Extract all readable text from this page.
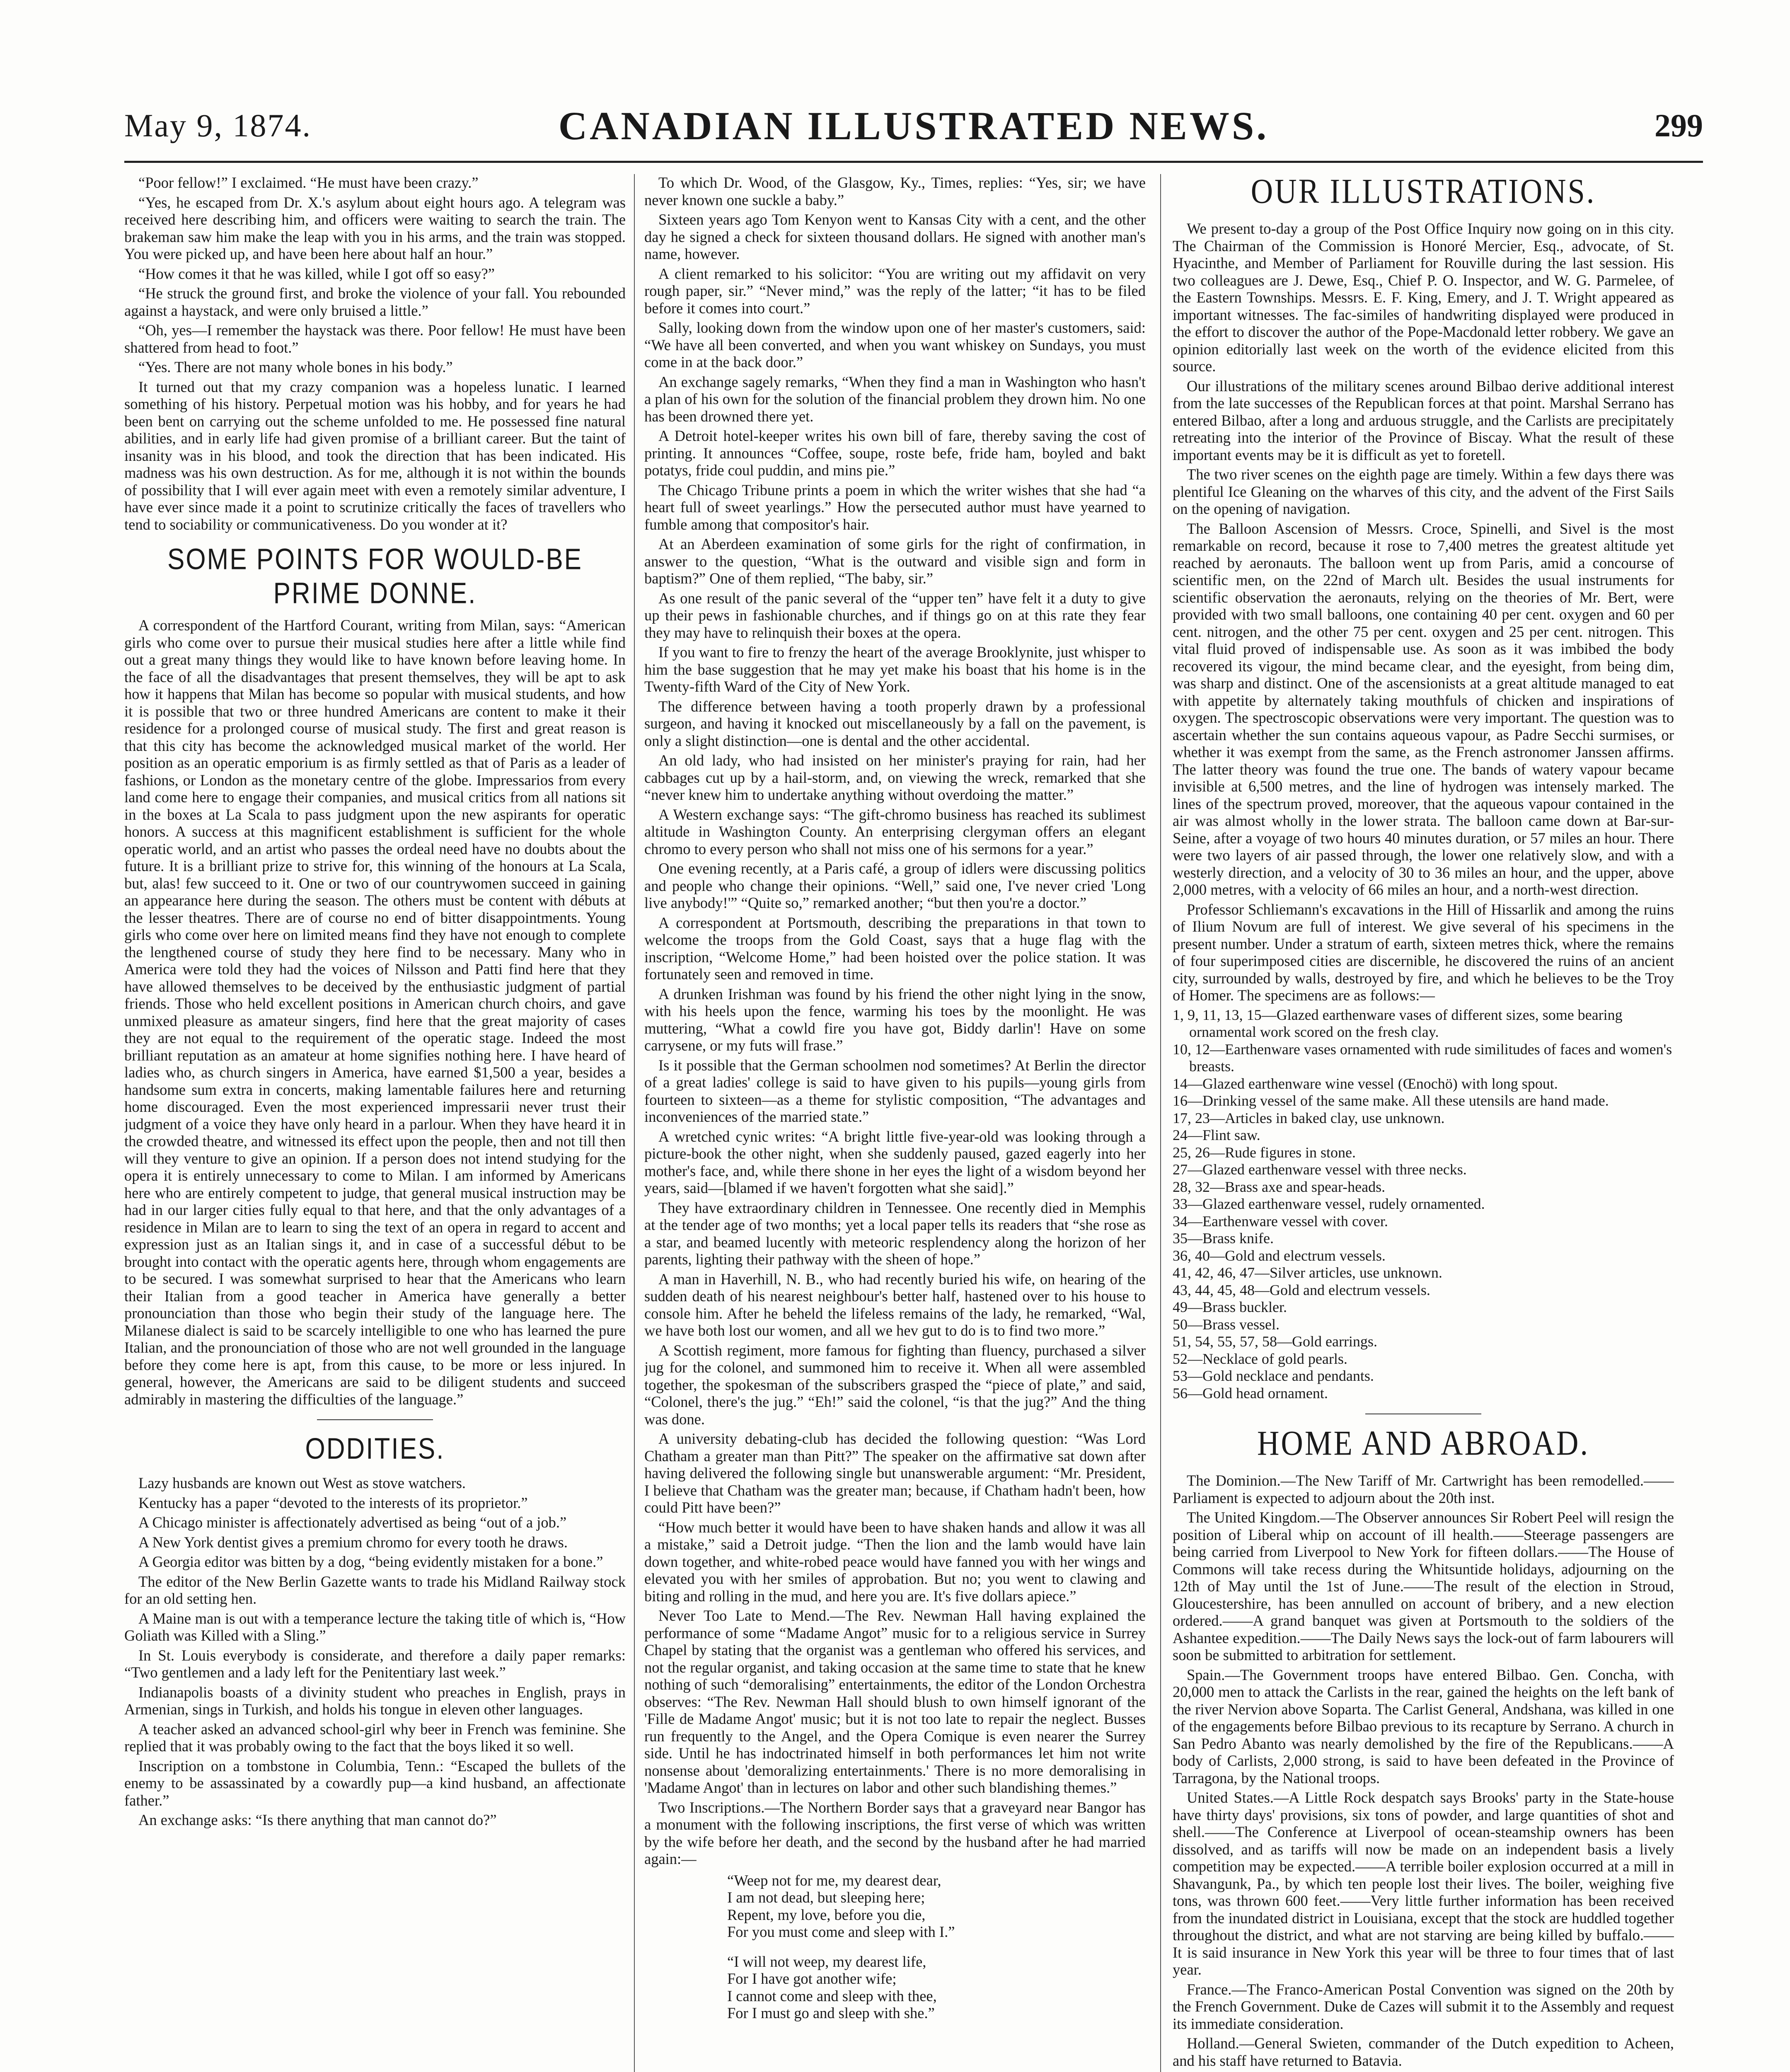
May 9, 1874.	CANADIAN ILLUSTRATED NEWS.	299

“Poor fellow!” I exclaimed. “He must have been crazy.”

“Yes, he escaped from Dr. X.'s asylum about eight hours ago. A telegram was received here describing him, and officers were waiting to search the train. The brakeman saw him make the leap with you in his arms, and the train was stopped. You were picked up, and have been here about half an hour.”

“How comes it that he was killed, while I got off so easy?”

“He struck the ground first, and broke the violence of your fall. You rebounded against a haystack, and were only bruised a little.”

“Oh, yes—I remember the haystack was there. Poor fellow! He must have been shattered from head to foot.”

“Yes. There are not many whole bones in his body.”

It turned out that my crazy companion was a hopeless lunatic. I learned something of his history. Perpetual motion was his hobby, and for years he had been bent on carrying out the scheme unfolded to me. He possessed fine natural abilities, and in early life had given promise of a brilliant career. But the taint of insanity was in his blood, and took the direction that has been indicated. His madness was his own destruction. As for me, although it is not within the bounds of possibility that I will ever again meet with even a remotely similar adventure, I have ever since made it a point to scrutinize critically the faces of travellers who tend to sociability or communicativeness. Do you wonder at it?

SOME POINTS FOR WOULD-BE PRIME DONNE.

A correspondent of the Hartford Courant, writing from Milan, says: “American girls who come over to pursue their musical studies here after a little while find out a great many things they would like to have known before leaving home. In the face of all the disadvantages that present themselves, they will be apt to ask how it happens that Milan has become so popular with musical students, and how it is possible that two or three hundred Americans are content to make it their residence for a prolonged course of musical study. The first and great reason is that this city has become the acknowledged musical market of the world. Her position as an operatic emporium is as firmly settled as that of Paris as a leader of fashions, or London as the monetary centre of the globe. Impressarios from every land come here to engage their companies, and musical critics from all nations sit in the boxes at La Scala to pass judgment upon the new aspirants for operatic honors. A success at this magnificent establishment is sufficient for the whole operatic world, and an artist who passes the ordeal need have no doubts about the future. It is a brilliant prize to strive for, this winning of the honours at La Scala, but, alas! few succeed to it. One or two of our countrywomen succeed in gaining an appearance here during the season. The others must be content with débuts at the lesser theatres. There are of course no end of bitter disappointments. Young girls who come over here on limited means find they have not enough to complete the lengthened course of study they here find to be necessary. Many who in America were told they had the voices of Nilsson and Patti find here that they have allowed themselves to be deceived by the enthusiastic judgment of partial friends. Those who held excellent positions in American church choirs, and gave unmixed pleasure as amateur singers, find here that the great majority of cases they are not equal to the requirement of the operatic stage. Indeed the most brilliant reputation as an amateur at home signifies nothing here. I have heard of ladies who, as church singers in America, have earned $1,500 a year, besides a handsome sum extra in concerts, making lamentable failures here and returning home discouraged. Even the most experienced impressarii never trust their judgment of a voice they have only heard in a parlour. When they have heard it in the crowded theatre, and witnessed its effect upon the people, then and not till then will they venture to give an opinion. If a person does not intend studying for the opera it is entirely unnecessary to come to Milan. I am informed by Americans here who are entirely competent to judge, that general musical instruction may be had in our larger cities fully equal to that here, and that the only advantages of a residence in Milan are to learn to sing the text of an opera in regard to accent and expression just as an Italian sings it, and in case of a successful début to be brought into contact with the operatic agents here, through whom engagements are to be secured. I was somewhat surprised to hear that the Americans who learn their Italian from a good teacher in America have generally a better pronounciation than those who begin their study of the language here. The Milanese dialect is said to be scarcely intelligible to one who has learned the pure Italian, and the pronounciation of those who are not well grounded in the language before they come here is apt, from this cause, to be more or less injured. In general, however, the Americans are said to be diligent students and succeed admirably in mastering the difficulties of the language.”

ODDITIES.

Lazy husbands are known out West as stove watchers.

Kentucky has a paper “devoted to the interests of its proprietor.”

A Chicago minister is affectionately advertised as being “out of a job.”

A New York dentist gives a premium chromo for every tooth he draws.

A Georgia editor was bitten by a dog, “being evidently mistaken for a bone.”

The editor of the New Berlin Gazette wants to trade his Midland Railway stock for an old setting hen.

A Maine man is out with a temperance lecture the taking title of which is, “How Goliath was Killed with a Sling.”

In St. Louis everybody is considerate, and therefore a daily paper remarks: “Two gentlemen and a lady left for the Penitentiary last week.”

Indianapolis boasts of a divinity student who preaches in English, prays in Armenian, sings in Turkish, and holds his tongue in eleven other languages.

A teacher asked an advanced school-girl why beer in French was feminine. She replied that it was probably owing to the fact that the boys liked it so well.

Inscription on a tombstone in Columbia, Tenn.: “Escaped the bullets of the enemy to be assassinated by a cowardly pup—a kind husband, an affectionate father.”

An exchange asks: “Is there anything that man cannot do?”

To which Dr. Wood, of the Glasgow, Ky., Times, replies: “Yes, sir; we have never known one suckle a baby.”

Sixteen years ago Tom Kenyon went to Kansas City with a cent, and the other day he signed a check for sixteen thousand dollars. He signed with another man's name, however.

A client remarked to his solicitor: “You are writing out my affidavit on very rough paper, sir.” “Never mind,” was the reply of the latter; “it has to be filed before it comes into court.”

Sally, looking down from the window upon one of her master's customers, said: “We have all been converted, and when you want whiskey on Sundays, you must come in at the back door.”

An exchange sagely remarks, “When they find a man in Washington who hasn't a plan of his own for the solution of the financial problem they drown him. No one has been drowned there yet.

A Detroit hotel-keeper writes his own bill of fare, thereby saving the cost of printing. It announces “Coffee, soupe, roste befe, fride ham, boyled and bakt potatys, fride coul puddin, and mins pie.”

The Chicago Tribune prints a poem in which the writer wishes that she had “a heart full of sweet yearlings.” How the persecuted author must have yearned to fumble among that compositor's hair.

At an Aberdeen examination of some girls for the right of confirmation, in answer to the question, “What is the outward and visible sign and form in baptism?” One of them replied, “The baby, sir.”

As one result of the panic several of the “upper ten” have felt it a duty to give up their pews in fashionable churches, and if things go on at this rate they fear they may have to relinquish their boxes at the opera.

If you want to fire to frenzy the heart of the average Brooklynite, just whisper to him the base suggestion that he may yet make his boast that his home is in the Twenty-fifth Ward of the City of New York.

The difference between having a tooth properly drawn by a professional surgeon, and having it knocked out miscellaneously by a fall on the pavement, is only a slight distinction—one is dental and the other accidental.

An old lady, who had insisted on her minister's praying for rain, had her cabbages cut up by a hail-storm, and, on viewing the wreck, remarked that she “never knew him to undertake anything without overdoing the matter.”

A Western exchange says: “The gift-chromo business has reached its sublimest altitude in Washington County. An enterprising clergyman offers an elegant chromo to every person who shall not miss one of his sermons for a year.”

One evening recently, at a Paris café, a group of idlers were discussing politics and people who change their opinions. “Well,” said one, I've never cried 'Long live anybody!'” “Quite so,” remarked another; “but then you're a doctor.”

A correspondent at Portsmouth, describing the preparations in that town to welcome the troops from the Gold Coast, says that a huge flag with the inscription, “Welcome Home,” had been hoisted over the police station. It was fortunately seen and removed in time.

A drunken Irishman was found by his friend the other night lying in the snow, with his heels upon the fence, warming his toes by the moonlight. He was muttering, “What a cowld fire you have got, Biddy darlin'! Have on some carrysene, or my futs will frase.”

Is it possible that the German schoolmen nod sometimes? At Berlin the director of a great ladies' college is said to have given to his pupils—young girls from fourteen to sixteen—as a theme for stylistic composition, “The advantages and inconveniences of the married state.”

A wretched cynic writes: “A bright little five-year-old was looking through a picture-book the other night, when she suddenly paused, gazed eagerly into her mother's face, and, while there shone in her eyes the light of a wisdom beyond her years, said—[blamed if we haven't forgotten what she said].”

They have extraordinary children in Tennessee. One recently died in Memphis at the tender age of two months; yet a local paper tells its readers that “she rose as a star, and beamed lucently with meteoric resplendency along the horizon of her parents, lighting their pathway with the sheen of hope.”

A man in Haverhill, N. B., who had recently buried his wife, on hearing of the sudden death of his nearest neighbour's better half, hastened over to his house to console him. After he beheld the lifeless remains of the lady, he remarked, “Wal, we have both lost our women, and all we hev gut to do is to find two more.”

A Scottish regiment, more famous for fighting than fluency, purchased a silver jug for the colonel, and summoned him to receive it. When all were assembled together, the spokesman of the subscribers grasped the “piece of plate,” and said, “Colonel, there's the jug.” “Eh!” said the colonel, “is that the jug?” And the thing was done.

A university debating-club has decided the following question: “Was Lord Chatham a greater man than Pitt?” The speaker on the affirmative sat down after having delivered the following single but unanswerable argument: “Mr. President, I believe that Chatham was the greater man; because, if Chatham hadn't been, how could Pitt have been?”

“How much better it would have been to have shaken hands and allow it was all a mistake,” said a Detroit judge. “Then the lion and the lamb would have lain down together, and white-robed peace would have fanned you with her wings and elevated you with her smiles of approbation. But no; you went to clawing and biting and rolling in the mud, and here you are. It's five dollars apiece.”

Never Too Late to Mend.—The Rev. Newman Hall having explained the performance of some “Madame Angot” music for to a religious service in Surrey Chapel by stating that the organist was a gentleman who offered his services, and not the regular organist, and taking occasion at the same time to state that he knew nothing of such “demoralising” entertainments, the editor of the London Orchestra observes: “The Rev. Newman Hall should blush to own himself ignorant of the 'Fille de Madame Angot' music; but it is not too late to repair the neglect. Busses run frequently to the Angel, and the Opera Comique is even nearer the Surrey side. Until he has indoctrinated himself in both performances let him not write nonsense about 'demoralizing entertainments.' There is no more demoralising in 'Madame Angot' than in lectures on labor and other such blandishing themes.”

Two Inscriptions.—The Northern Border says that a graveyard near Bangor has a monument with the following inscriptions, the first verse of which was written by the wife before her death, and the second by the husband after he had married again:—

“Weep not for me, my dearest dear,
I am not dead, but sleeping here;
Repent, my love, before you die,
For you must come and sleep with I.”
“I will not weep, my dearest life,
For I have got another wife;
I cannot come and sleep with thee,
For I must go and sleep with she.”
OUR ILLUSTRATIONS.

We present to-day a group of the Post Office Inquiry now going on in this city. The Chairman of the Commission is Honoré Mercier, Esq., advocate, of St. Hyacinthe, and Member of Parliament for Rouville during the last session. His two colleagues are J. Dewe, Esq., Chief P. O. Inspector, and W. G. Parmelee, of the Eastern Townships. Messrs. E. F. King, Emery, and J. T. Wright appeared as important witnesses. The fac-similes of handwriting displayed were produced in the effort to discover the author of the Pope-Macdonald letter robbery. We gave an opinion editorially last week on the worth of the evidence elicited from this source.

Our illustrations of the military scenes around Bilbao derive additional interest from the late successes of the Republican forces at that point. Marshal Serrano has entered Bilbao, after a long and arduous struggle, and the Carlists are precipitately retreating into the interior of the Province of Biscay. What the result of these important events may be it is difficult as yet to foretell.

The two river scenes on the eighth page are timely. Within a few days there was plentiful Ice Gleaning on the wharves of this city, and the advent of the First Sails on the opening of navigation.

The Balloon Ascension of Messrs. Croce, Spinelli, and Sivel is the most remarkable on record, because it rose to 7,400 metres the greatest altitude yet reached by aeronauts. The balloon went up from Paris, amid a concourse of scientific men, on the 22nd of March ult. Besides the usual instruments for scientific observation the aeronauts, relying on the theories of Mr. Bert, were provided with two small balloons, one containing 40 per cent. oxygen and 60 per cent. nitrogen, and the other 75 per cent. oxygen and 25 per cent. nitrogen. This vital fluid proved of indispensable use. As soon as it was imbibed the body recovered its vigour, the mind became clear, and the eyesight, from being dim, was sharp and distinct. One of the ascensionists at a great altitude managed to eat with appetite by alternately taking mouthfuls of chicken and inspirations of oxygen. The spectroscopic observations were very important. The question was to ascertain whether the sun contains aqueous vapour, as Padre Secchi surmises, or whether it was exempt from the same, as the French astronomer Janssen affirms. The latter theory was found the true one. The bands of watery vapour became invisible at 6,500 metres, and the line of hydrogen was intensely marked. The lines of the spectrum proved, moreover, that the aqueous vapour contained in the air was almost wholly in the lower strata. The balloon came down at Bar-sur-Seine, after a voyage of two hours 40 minutes duration, or 57 miles an hour. There were two layers of air passed through, the lower one relatively slow, and with a westerly direction, and a velocity of 30 to 36 miles an hour, and the upper, above 2,000 metres, with a velocity of 66 miles an hour, and a north-west direction.

Professor Schliemann's excavations in the Hill of Hissarlik and among the ruins of Ilium Novum are full of interest. We give several of his specimens in the present number. Under a stratum of earth, sixteen metres thick, where the remains of four superimposed cities are discernible, he discovered the ruins of an ancient city, surrounded by walls, destroyed by fire, and which he believes to be the Troy of Homer. The specimens are as follows:—

1, 9, 11, 13, 15—Glazed earthenware vases of different sizes, some bearing ornamental work scored on the fresh clay.
10, 12—Earthenware vases ornamented with rude similitudes of faces and women's breasts.
14—Glazed earthenware wine vessel (Œnochö) with long spout.
16—Drinking vessel of the same make. All these utensils are hand made.
17, 23—Articles in baked clay, use unknown.
24—Flint saw.
25, 26—Rude figures in stone.
27—Glazed earthenware vessel with three necks.
28, 32—Brass axe and spear-heads.
33—Glazed earthenware vessel, rudely ornamented.
34—Earthenware vessel with cover.
35—Brass knife.
36, 40—Gold and electrum vessels.
41, 42, 46, 47—Silver articles, use unknown.
43, 44, 45, 48—Gold and electrum vessels.
49—Brass buckler.
50—Brass vessel.
51, 54, 55, 57, 58—Gold earrings.
52—Necklace of gold pearls.
53—Gold necklace and pendants.
56—Gold head ornament.
HOME AND ABROAD.

The Dominion.—The New Tariff of Mr. Cartwright has been remodelled.——Parliament is expected to adjourn about the 20th inst.

The United Kingdom.—The Observer announces Sir Robert Peel will resign the position of Liberal whip on account of ill health.——Steerage passengers are being carried from Liverpool to New York for fifteen dollars.——The House of Commons will take recess during the Whitsuntide holidays, adjourning on the 12th of May until the 1st of June.——The result of the election in Stroud, Gloucestershire, has been annulled on account of bribery, and a new election ordered.——A grand banquet was given at Portsmouth to the soldiers of the Ashantee expedition.——The Daily News says the lock-out of farm labourers will soon be submitted to arbitration for settlement.

Spain.—The Government troops have entered Bilbao. Gen. Concha, with 20,000 men to attack the Carlists in the rear, gained the heights on the left bank of the river Nervion above Soparta. The Carlist General, Andshana, was killed in one of the engagements before Bilbao previous to its recapture by Serrano. A church in San Pedro Abanto was nearly demolished by the fire of the Republicans.——A body of Carlists, 2,000 strong, is said to have been defeated in the Province of Tarragona, by the National troops.

United States.—A Little Rock despatch says Brooks' party in the State-house have thirty days' provisions, six tons of powder, and large quantities of shot and shell.——The Conference at Liverpool of ocean-steamship owners has been dissolved, and as tariffs will now be made on an independent basis a lively competition may be expected.——A terrible boiler explosion occurred at a mill in Shavangunk, Pa., by which ten people lost their lives. The boiler, weighing five tons, was thrown 600 feet.——Very little further information has been received from the inundated district in Louisiana, except that the stock are huddled together throughout the district, and what are not starving are being killed by buffalo.——It is said insurance in New York this year will be three to four times that of last year.

France.—The Franco-American Postal Convention was signed on the 20th by the French Government. Duke de Cazes will submit it to the Assembly and request its immediate consideration.

Holland.—General Swieten, commander of the Dutch expedition to Acheen, and his staff have returned to Batavia.
